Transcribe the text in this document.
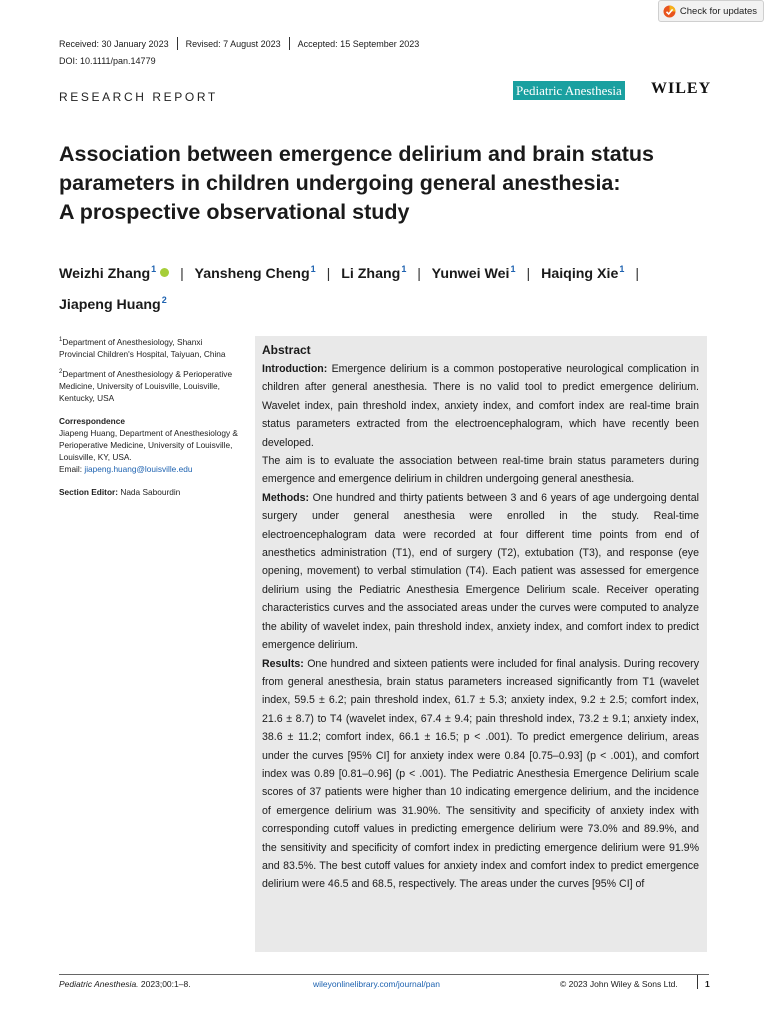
Check for updates
Received: 30 January 2023 Revised: 7 August 2023 Accepted: 15 September 2023
DOI: 10.1111/pan.14779
RESEARCH REPORT	Pediatric Anesthesia WILEY
Association between emergence delirium and brain status
parameters in children undergoing general anesthesia:
A prospective observational study
Weizhi Zhang$^1$ | Yansheng Cheng$^1$ | Li Zhang$^1$ | Yunwei Wei$^1$ | Haiqing Xie$^1$ |
Jiapeng Huang$^2$

$^1$Department of Anesthesiology, Shanxi Provincial Children's Hospital, Taiyuan, China

$^2$Department of Anesthesiology & Perioperative Medicine, University of Louisville, Louisville, Kentucky, USA

Correspondence
Jiapeng Huang, Department of Anesthesiology & Perioperative Medicine, University of Louisville, Louisville, KY, USA.
Email: jiapeng.huang@louisville.edu

Section Editor: Nada Sabourdin

Abstract

Introduction: Emergence delirium is a common postoperative neurological complication in children after general anesthesia. There is no valid tool to predict emergence delirium. Wavelet index, pain threshold index, anxiety index, and comfort index are real-time brain status parameters extracted from the electroencephalogram, which have recently been developed.

The aim is to evaluate the association between real-time brain status parameters during emergence and emergence delirium in children undergoing general anesthesia.

Methods: One hundred and thirty patients between 3 and 6 years of age undergoing dental surgery under general anesthesia were enrolled in the study. Real-time electroencephalogram data were recorded at four different time points from end of anesthetics administration (T1), end of surgery (T2), extubation (T3), and response (eye opening, movement) to verbal stimulation (T4). Each patient was assessed for emergence delirium using the Pediatric Anesthesia Emergence Delirium scale. Receiver operating characteristics curves and the associated areas under the curves were computed to analyze the ability of wavelet index, pain threshold index, anxiety index, and comfort index to predict emergence delirium.

Results: One hundred and sixteen patients were included for final analysis. During recovery from general anesthesia, brain status parameters increased significantly from T1 (wavelet index, 59.5 ± 6.2; pain threshold index, 61.7 ± 5.3; anxiety index, 9.2 ± 2.5; comfort index, 21.6 ± 8.7) to T4 (wavelet index, 67.4 ± 9.4; pain threshold index, 73.2 ± 9.1; anxiety index, 38.6 ± 11.2; comfort index, 66.1 ± 16.5; p < .001). To predict emergence delirium, areas under the curves [95% CI] for anxiety index were 0.84 [0.75–0.93] (p < .001), and comfort index was 0.89 [0.81–0.96] (p < .001). The Pediatric Anesthesia Emergence Delirium scale scores of 37 patients were higher than 10 indicating emergence delirium, and the incidence of emergence delirium was 31.90%. The sensitivity and specificity of anxiety index with corresponding cutoff values in predicting emergence delirium were 73.0% and 89.9%, and the sensitivity and specificity of comfort index in predicting emergence delirium were 91.9% and 83.5%. The best cutoff values for anxiety index and comfort index to predict emergence delirium were 46.5 and 68.5, respectively. The areas under the curves [95% CI] of

Pediatric Anesthesia. 2023;00:1–8.	wileyonlinelibrary.com/journal/pan	© 2023 John Wiley & Sons Ltd.	1
